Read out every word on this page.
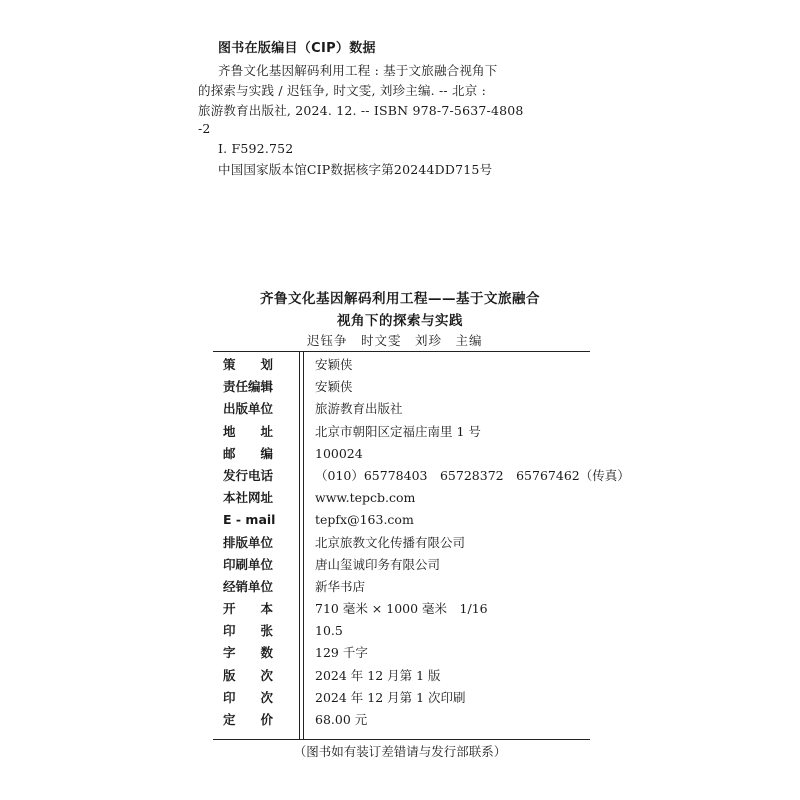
图书在版编目（CIP）数据
齐鲁文化基因解码利用工程 : 基于文旅融合视角下
的探索与实践 / 迟钰争, 时文雯, 刘珍主编. -- 北京 :
旅游教育出版社, 2024. 12. -- ISBN 978-7-5637-4808
-2
Ⅰ. F592.752
中国国家版本馆CIP数据核字第20244DD715号
齐鲁文化基因解码利用工程——基于文旅融合
视角下的探索与实践
迟钰争　时文雯　刘珍　主编
策　　划	安颖侠
责任编辑	安颖侠
出版单位	旅游教育出版社
地　　址	北京市朝阳区定福庄南里 1 号
邮　　编	100024
发行电话	（010）65778403　65728372　65767462（传真）
本社网址	www.tepcb.com
E - mail	tepfx@163.com
排版单位	北京旅教文化传播有限公司
印刷单位	唐山玺诚印务有限公司
经销单位	新华书店
开　　本	710 毫米 × 1000 毫米　1/16
印　　张	10.5
字　　数	129 千字
版　　次	2024 年 12 月第 1 版
印　　次	2024 年 12 月第 1 次印刷
定　　价	68.00 元
（图书如有装订差错请与发行部联系）
